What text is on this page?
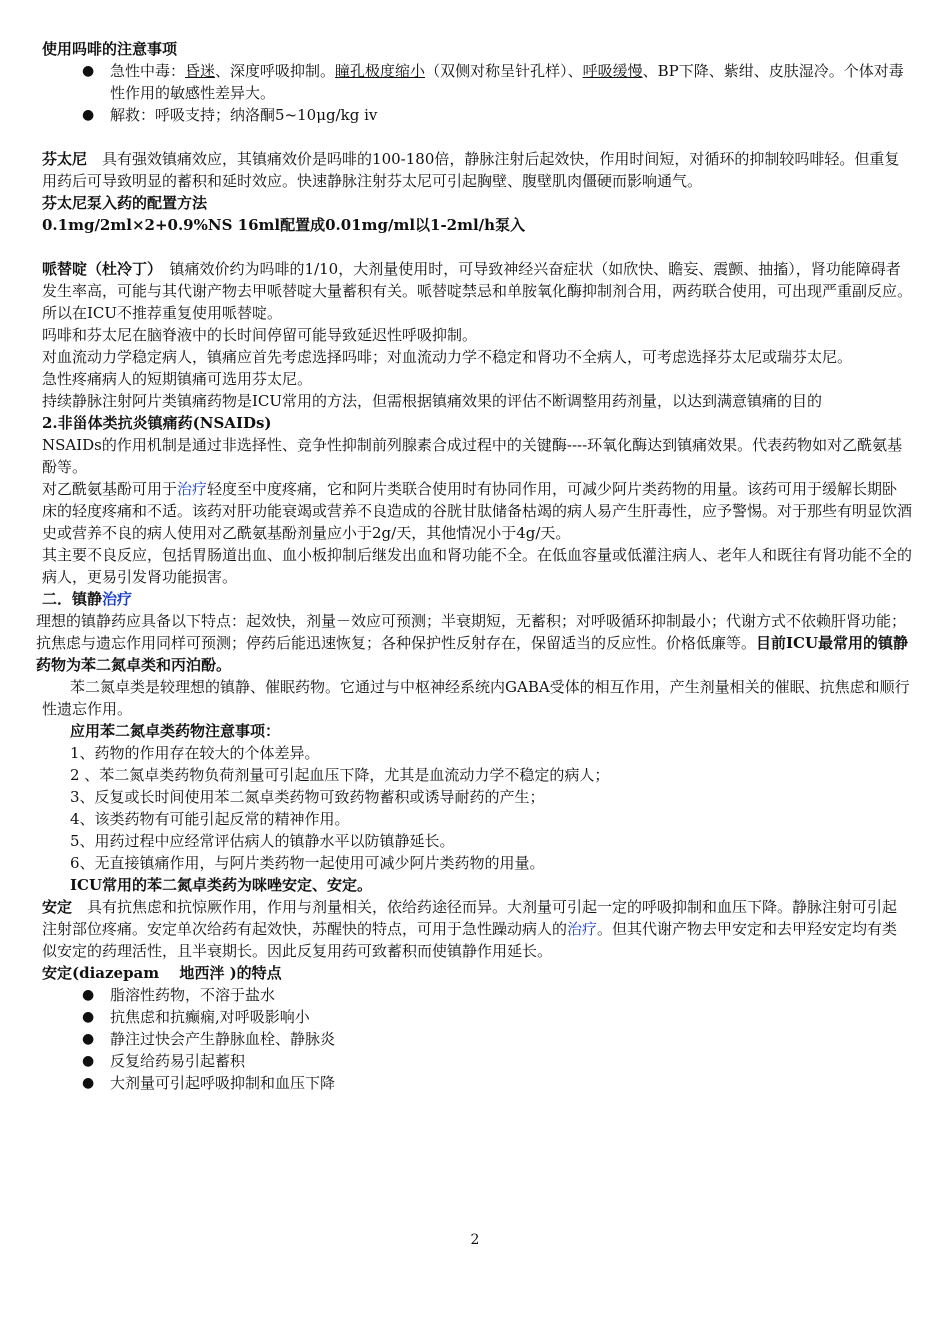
使用吗啡的注意事项

● 急性中毒：昏迷、深度呼吸抑制。瞳孔极度缩小（双侧对称呈针孔样）、呼吸缓慢、BP下降、紫绀、皮肤湿冷。个体对毒性作用的敏感性差异大。
● 解救：呼吸支持；纳洛酮5~10μg/kg iv

芬太尼　 具有强效镇痛效应，其镇痛效价是吗啡的100-180倍，静脉注射后起效快，作用时间短，对循环的抑制较吗啡轻。但重复用药后可导致明显的蓄积和延时效应。快速静脉注射芬太尼可引起胸壁、腹壁肌肉僵硬而影响通气。

芬太尼泵入药的配置方法

0.1mg/2ml×2+0.9%NS 16ml配置成0.01mg/ml以1-2ml/h泵入

哌替啶（杜冷丁）　 镇痛效价约为吗啡的1/10，大剂量使用时，可导致神经兴奋症状（如欣快、瞻妄、震颤、抽搐），肾功能障碍者发生率高，可能与其代谢产物去甲哌替啶大量蓄积有关。哌替啶禁忌和单胺氧化酶抑制剂合用，两药联合使用，可出现严重副反应。所以在ICU不推荐重复使用哌替啶。

吗啡和芬太尼在脑脊液中的长时间停留可能导致延迟性呼吸抑制。

对血流动力学稳定病人，镇痛应首先考虑选择吗啡；对血流动力学不稳定和肾功不全病人，可考虑选择芬太尼或瑞芬太尼。

急性疼痛病人的短期镇痛可选用芬太尼。

持续静脉注射阿片类镇痛药物是ICU常用的方法，但需根据镇痛效果的评估不断调整用药剂量，以达到满意镇痛的目的

2.非甾体类抗炎镇痛药(NSAIDs)

NSAIDs的作用机制是通过非选择性、竞争性抑制前列腺素合成过程中的关键酶----环氧化酶达到镇痛效果。代表药物如对乙酰氨基酚等。

对乙酰氨基酚可用于治疗轻度至中度疼痛，它和阿片类联合使用时有协同作用，可减少阿片类药物的用量。该药可用于缓解长期卧床的轻度疼痛和不适。该药对肝功能衰竭或营养不良造成的谷胱甘肽储备枯竭的病人易产生肝毒性，应予警惕。对于那些有明显饮酒史或营养不良的病人使用对乙酰氨基酚剂量应小于2g/天，其他情况小于4g/天。

其主要不良反应，包括胃肠道出血、血小板抑制后继发出血和肾功能不全。在低血容量或低灌注病人、老年人和既往有肾功能不全的病人，更易引发肾功能损害。

二．镇静治疗

理想的镇静药应具备以下特点：起效快，剂量－效应可预测；半衰期短，无蓄积；对呼吸循环抑制最小；代谢方式不依赖肝肾功能；抗焦虑与遗忘作用同样可预测；停药后能迅速恢复；各种保护性反射存在，保留适当的反应性。价格低廉等。目前ICU最常用的镇静药物为苯二氮卓类和丙泊酚。

苯二氮卓类是较理想的镇静、催眠药物。它通过与中枢神经系统内GABA受体的相互作用，产生剂量相关的催眠、抗焦虑和顺行性遗忘作用。

应用苯二氮卓类药物注意事项：

1、药物的作用存在较大的个体差异。

2 、苯二氮卓类药物负荷剂量可引起血压下降，尤其是血流动力学不稳定的病人；

3、反复或长时间使用苯二氮卓类药物可致药物蓄积或诱导耐药的产生；

4、该类药物有可能引起反常的精神作用。

5、用药过程中应经常评估病人的镇静水平以防镇静延长。

6、无直接镇痛作用，与阿片类药物一起使用可减少阿片类药物的用量。

ICU常用的苯二氮卓类药为咪唑安定、安定。

安定　 具有抗焦虑和抗惊厥作用，作用与剂量相关，依给药途径而异。大剂量可引起一定的呼吸抑制和血压下降。静脉注射可引起注射部位疼痛。安定单次给药有起效快，苏醒快的特点，可用于急性躁动病人的治疗。但其代谢产物去甲安定和去甲羟安定均有类似安定的药理活性，且半衰期长。因此反复用药可致蓄积而使镇静作用延长。

安定(diazepam　 地西泮 )的特点

● 脂溶性药物，不溶于盐水
● 抗焦虑和抗癫痫,对呼吸影响小
● 静注过快会产生静脉血栓、静脉炎
● 反复给药易引起蓄积
● 大剂量可引起呼吸抑制和血压下降
2
